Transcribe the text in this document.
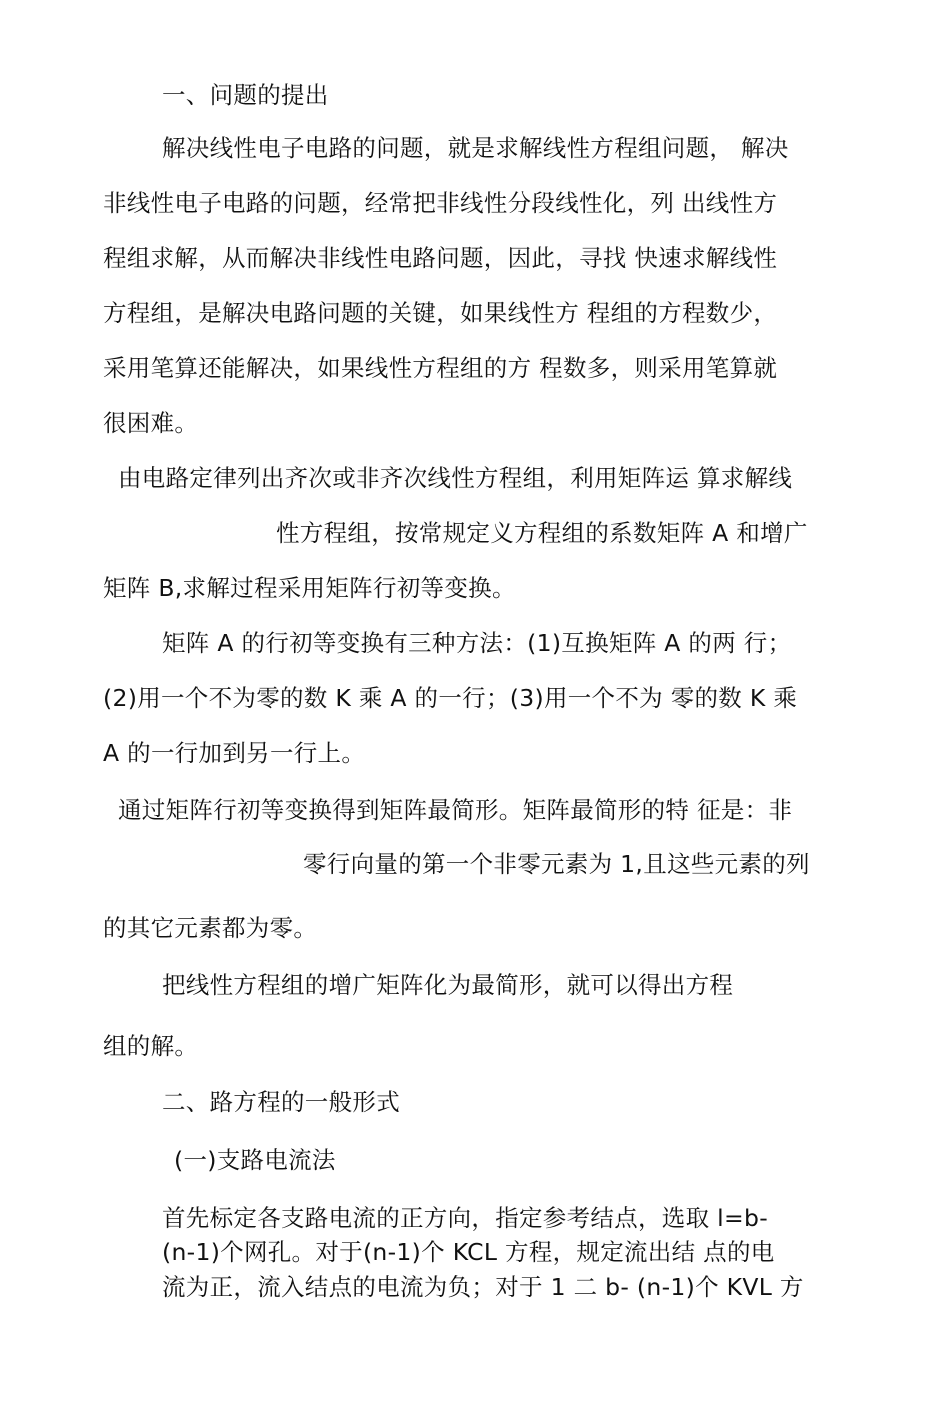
一、问题的提出
解决线性电子电路的问题，就是求解线性方程组问题， 解决
非线性电子电路的问题，经常把非线性分段线性化，列 出线性方
程组求解，从而解决非线性电路问题，因此，寻找 快速求解线性
方程组，是解决电路问题的关键，如果线性方 程组的方程数少，
采用笔算还能解决，如果线性方程组的方 程数多，则采用笔算就
很困难。
由电路定律列出齐次或非齐次线性方程组，利用矩阵运 算求解线
性方程组，按常规定义方程组的系数矩阵 A 和增广
矩阵 B,求解过程采用矩阵行初等变换。
矩阵 A 的行初等变换有三种方法：(1)互换矩阵 A 的两 行；
(2)用一个不为零的数 K 乘 A 的一行；(3)用一个不为 零的数 K 乘
A 的一行加到另一行上。
通过矩阵行初等变换得到矩阵最简形。矩阵最简形的特 征是：非
零行向量的第一个非零元素为 1,且这些元素的列
的其它元素都为零。
把线性方程组的增广矩阵化为最简形，就可以得出方程
组的解。
二、路方程的一般形式
(一)支路电流法
首先标定各支路电流的正方向，指定参考结点，选取 l=b-
(n-1)个网孔。对于(n-1)个 KCL 方程，规定流出结 点的电
流为正，流入结点的电流为负；对于 1 二 b- (n-1)个 KVL 方
